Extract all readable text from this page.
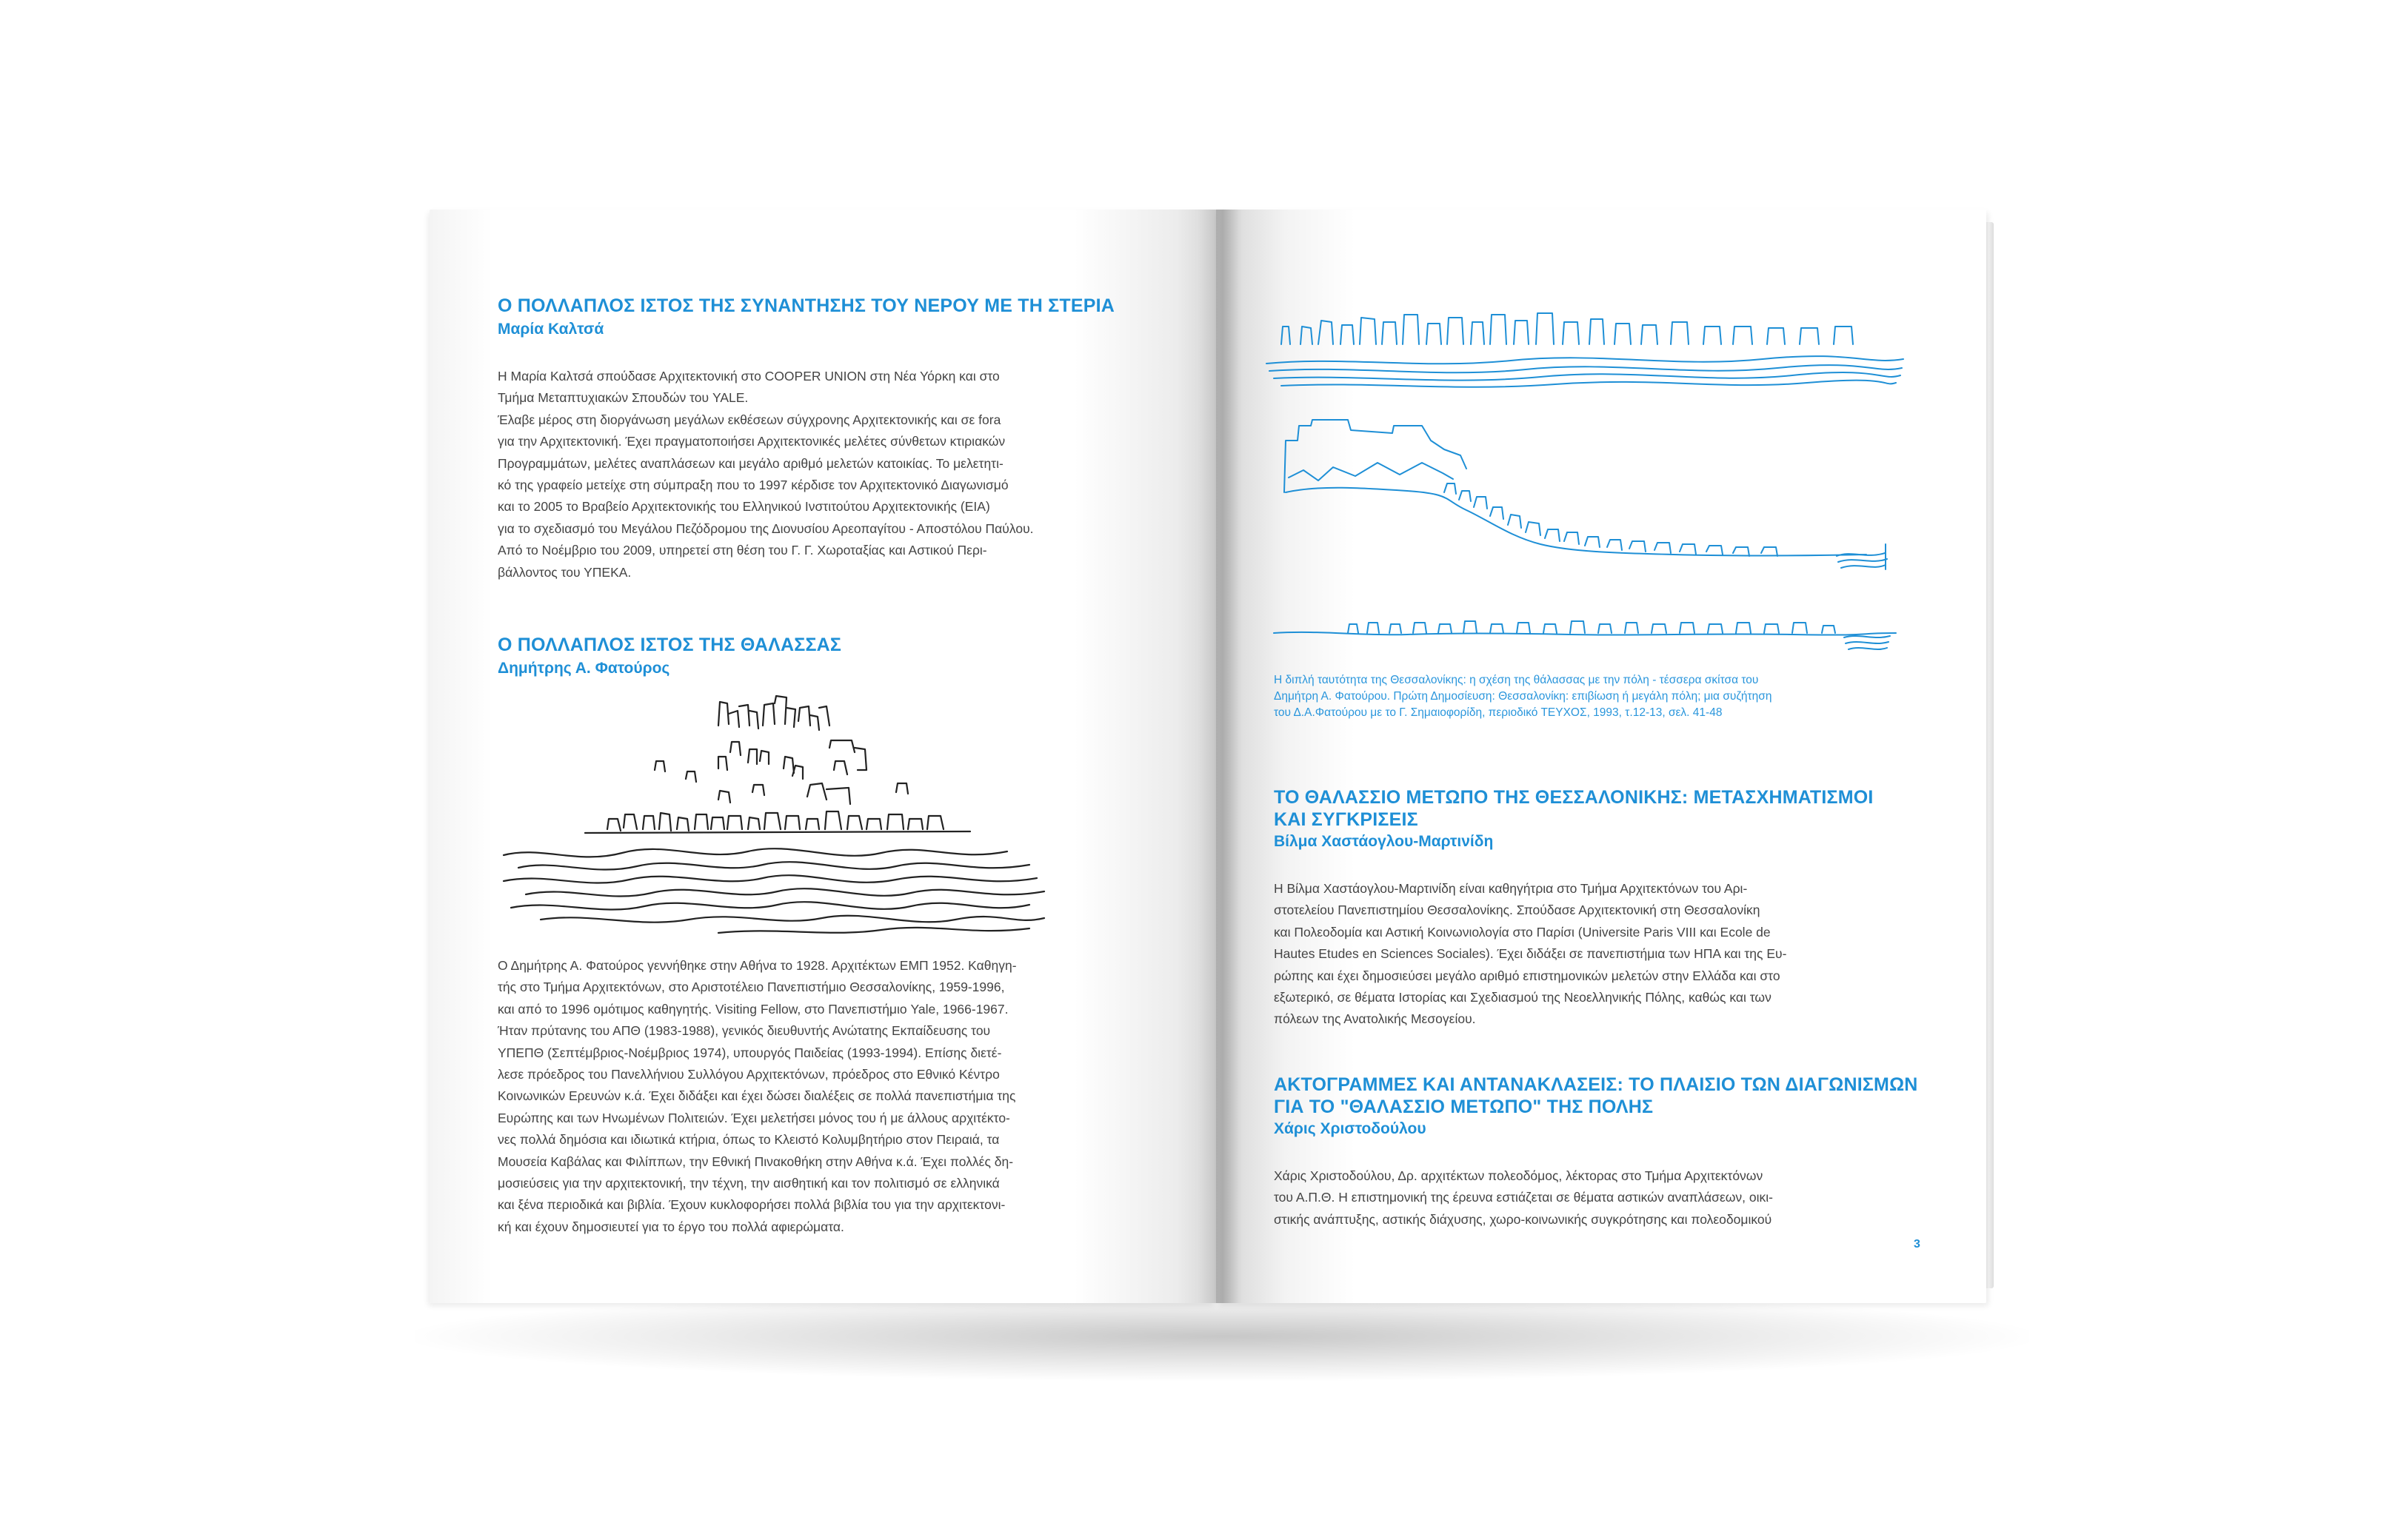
Ο ΠΟΛΛΑΠΛΟΣ ΙΣΤΟΣ ΤΗΣ ΣΥΝΑΝΤΗΣΗΣ ΤΟΥ ΝΕΡΟΥ ΜΕ ΤΗ ΣΤΕΡΙΑ

Μαρία Καλτσά

Η Μαρία Καλτσά σπούδασε Αρχιτεκτονική στο COOPER UNION στη Νέα Υόρκη και στο
Τμήμα Μεταπτυχιακών Σπουδών του YALE.
Έλαβε μέρος στη διοργάνωση μεγάλων εκθέσεων σύγχρονης Αρχιτεκτονικής και σε fora
για την Αρχιτεκτονική. Έχει πραγματοποιήσει Αρχιτεκτονικές μελέτες σύνθετων κτιριακών
Προγραμμάτων, μελέτες αναπλάσεων και μεγάλο αριθμό μελετών κατοικίας. Το μελετητι-
κό της γραφείο μετείχε στη σύμπραξη που το 1997 κέρδισε τον Αρχιτεκτονικό Διαγωνισμό
και το 2005 το Βραβείο Αρχιτεκτονικής του Ελληνικού Ινστιτούτου Αρχιτεκτονικής (ΕΙΑ)
για το σχεδιασμό του Μεγάλου Πεζόδρομου της Διονυσίου Αρεοπαγίτου - Αποστόλου Παύλου.
Από το Νοέμβριο του 2009, υπηρετεί στη θέση του Γ. Γ. Χωροταξίας και Αστικού Περι-
βάλλοντος του ΥΠΕΚΑ.
Ο ΠΟΛΛΑΠΛΟΣ ΙΣΤΟΣ ΤΗΣ ΘΑΛΑΣΣΑΣ

Δημήτρης Α. Φατούρος

Ο Δημήτρης Α. Φατούρος γεννήθηκε στην Αθήνα το 1928. Αρχιτέκτων ΕΜΠ 1952. Καθηγη-
τής στο Τμήμα Αρχιτεκτόνων, στο Αριστοτέλειο Πανεπιστήμιο Θεσσαλονίκης, 1959-1996,
και από το 1996 ομότιμος καθηγητής. Visiting Fellow, στο Πανεπιστήμιο Yale, 1966-1967.
Ήταν πρύτανης του ΑΠΘ (1983-1988), γενικός διευθυντής Ανώτατης Εκπαίδευσης του
ΥΠΕΠΘ (Σεπτέμβριος-Νοέμβριος 1974), υπουργός Παιδείας (1993-1994). Επίσης διετέ-
λεσε πρόεδρος του Πανελλήνιου Συλλόγου Αρχιτεκτόνων, πρόεδρος στο Εθνικό Κέντρο
Κοινωνικών Ερευνών κ.ά. Έχει διδάξει και έχει δώσει διαλέξεις σε πολλά πανεπιστήμια της
Ευρώπης και των Ηνωμένων Πολιτειών. Έχει μελετήσει μόνος του ή με άλλους αρχιτέκτο-
νες πολλά δημόσια και ιδιωτικά κτήρια, όπως το Κλειστό Κολυμβητήριο στον Πειραιά, τα
Μουσεία Καβάλας και Φιλίππων, την Εθνική Πινακοθήκη στην Αθήνα κ.ά. Έχει πολλές δη-
μοσιεύσεις για την αρχιτεκτονική, την τέχνη, την αισθητική και τον πολιτισμό σε ελληνικά
και ξένα περιοδικά και βιβλία. Έχουν κυκλοφορήσει πολλά βιβλία του για την αρχιτεκτονι-
κή και έχουν δημοσιευτεί για το έργο του πολλά αφιερώματα.
Η διπλή ταυτότητα της Θεσσαλονίκης: η σχέση της θάλασσας με την πόλη - τέσσερα σκίτσα του
Δημήτρη Α. Φατούρου. Πρώτη Δημοσίευση: Θεσσαλονίκη: επιβίωση ή μεγάλη πόλη; μια συζήτηση
του Δ.Α.Φατούρου με το Γ. Σημαιοφορίδη, περιοδικό ΤΕΥΧΟΣ, 1993, τ.12-13, σελ. 41-48
ΤΟ ΘΑΛΑΣΣΙΟ ΜΕΤΩΠΟ ΤΗΣ ΘΕΣΣΑΛΟΝΙΚΗΣ: ΜΕΤΑΣΧΗΜΑΤΙΣΜΟΙ
ΚΑΙ ΣΥΓΚΡΙΣΕΙΣ

Βίλμα Χαστάογλου-Μαρτινίδη

Η Βίλμα Χαστάογλου-Μαρτινίδη είναι καθηγήτρια στο Τμήμα Αρχιτεκτόνων του Αρι-
στοτελείου Πανεπιστημίου Θεσσαλονίκης. Σπούδασε Αρχιτεκτονική στη Θεσσαλονίκη
και Πολεοδομία και Αστική Κοινωνιολογία στο Παρίσι (Universite Paris VIII και Ecole de
Hautes Etudes en Sciences Sociales). Έχει διδάξει σε πανεπιστήμια των ΗΠΑ και της Ευ-
ρώπης και έχει δημοσιεύσει μεγάλο αριθμό επιστημονικών μελετών στην Ελλάδα και στο
εξωτερικό, σε θέματα Ιστορίας και Σχεδιασμού της Νεοελληνικής Πόλης, καθώς και των
πόλεων της Ανατολικής Μεσογείου.
ΑΚΤΟΓΡΑΜΜΕΣ ΚΑΙ ΑΝΤΑΝΑΚΛΑΣΕΙΣ: ΤΟ ΠΛΑΙΣΙΟ ΤΩΝ ΔΙΑΓΩΝΙΣΜΩΝ
ΓΙΑ ΤΟ "ΘΑΛΑΣΣΙΟ ΜΕΤΩΠΟ" ΤΗΣ ΠΟΛΗΣ

Χάρις Χριστοδούλου

Χάρις Χριστοδούλου, Δρ. αρχιτέκτων πολεοδόμος, λέκτορας στο Τμήμα Αρχιτεκτόνων
του Α.Π.Θ. Η επιστημονική της έρευνα εστιάζεται σε θέματα αστικών αναπλάσεων, οικι-
στικής ανάπτυξης, αστικής διάχυσης, χωρο-κοινωνικής συγκρότησης και πολεοδομικού
3
